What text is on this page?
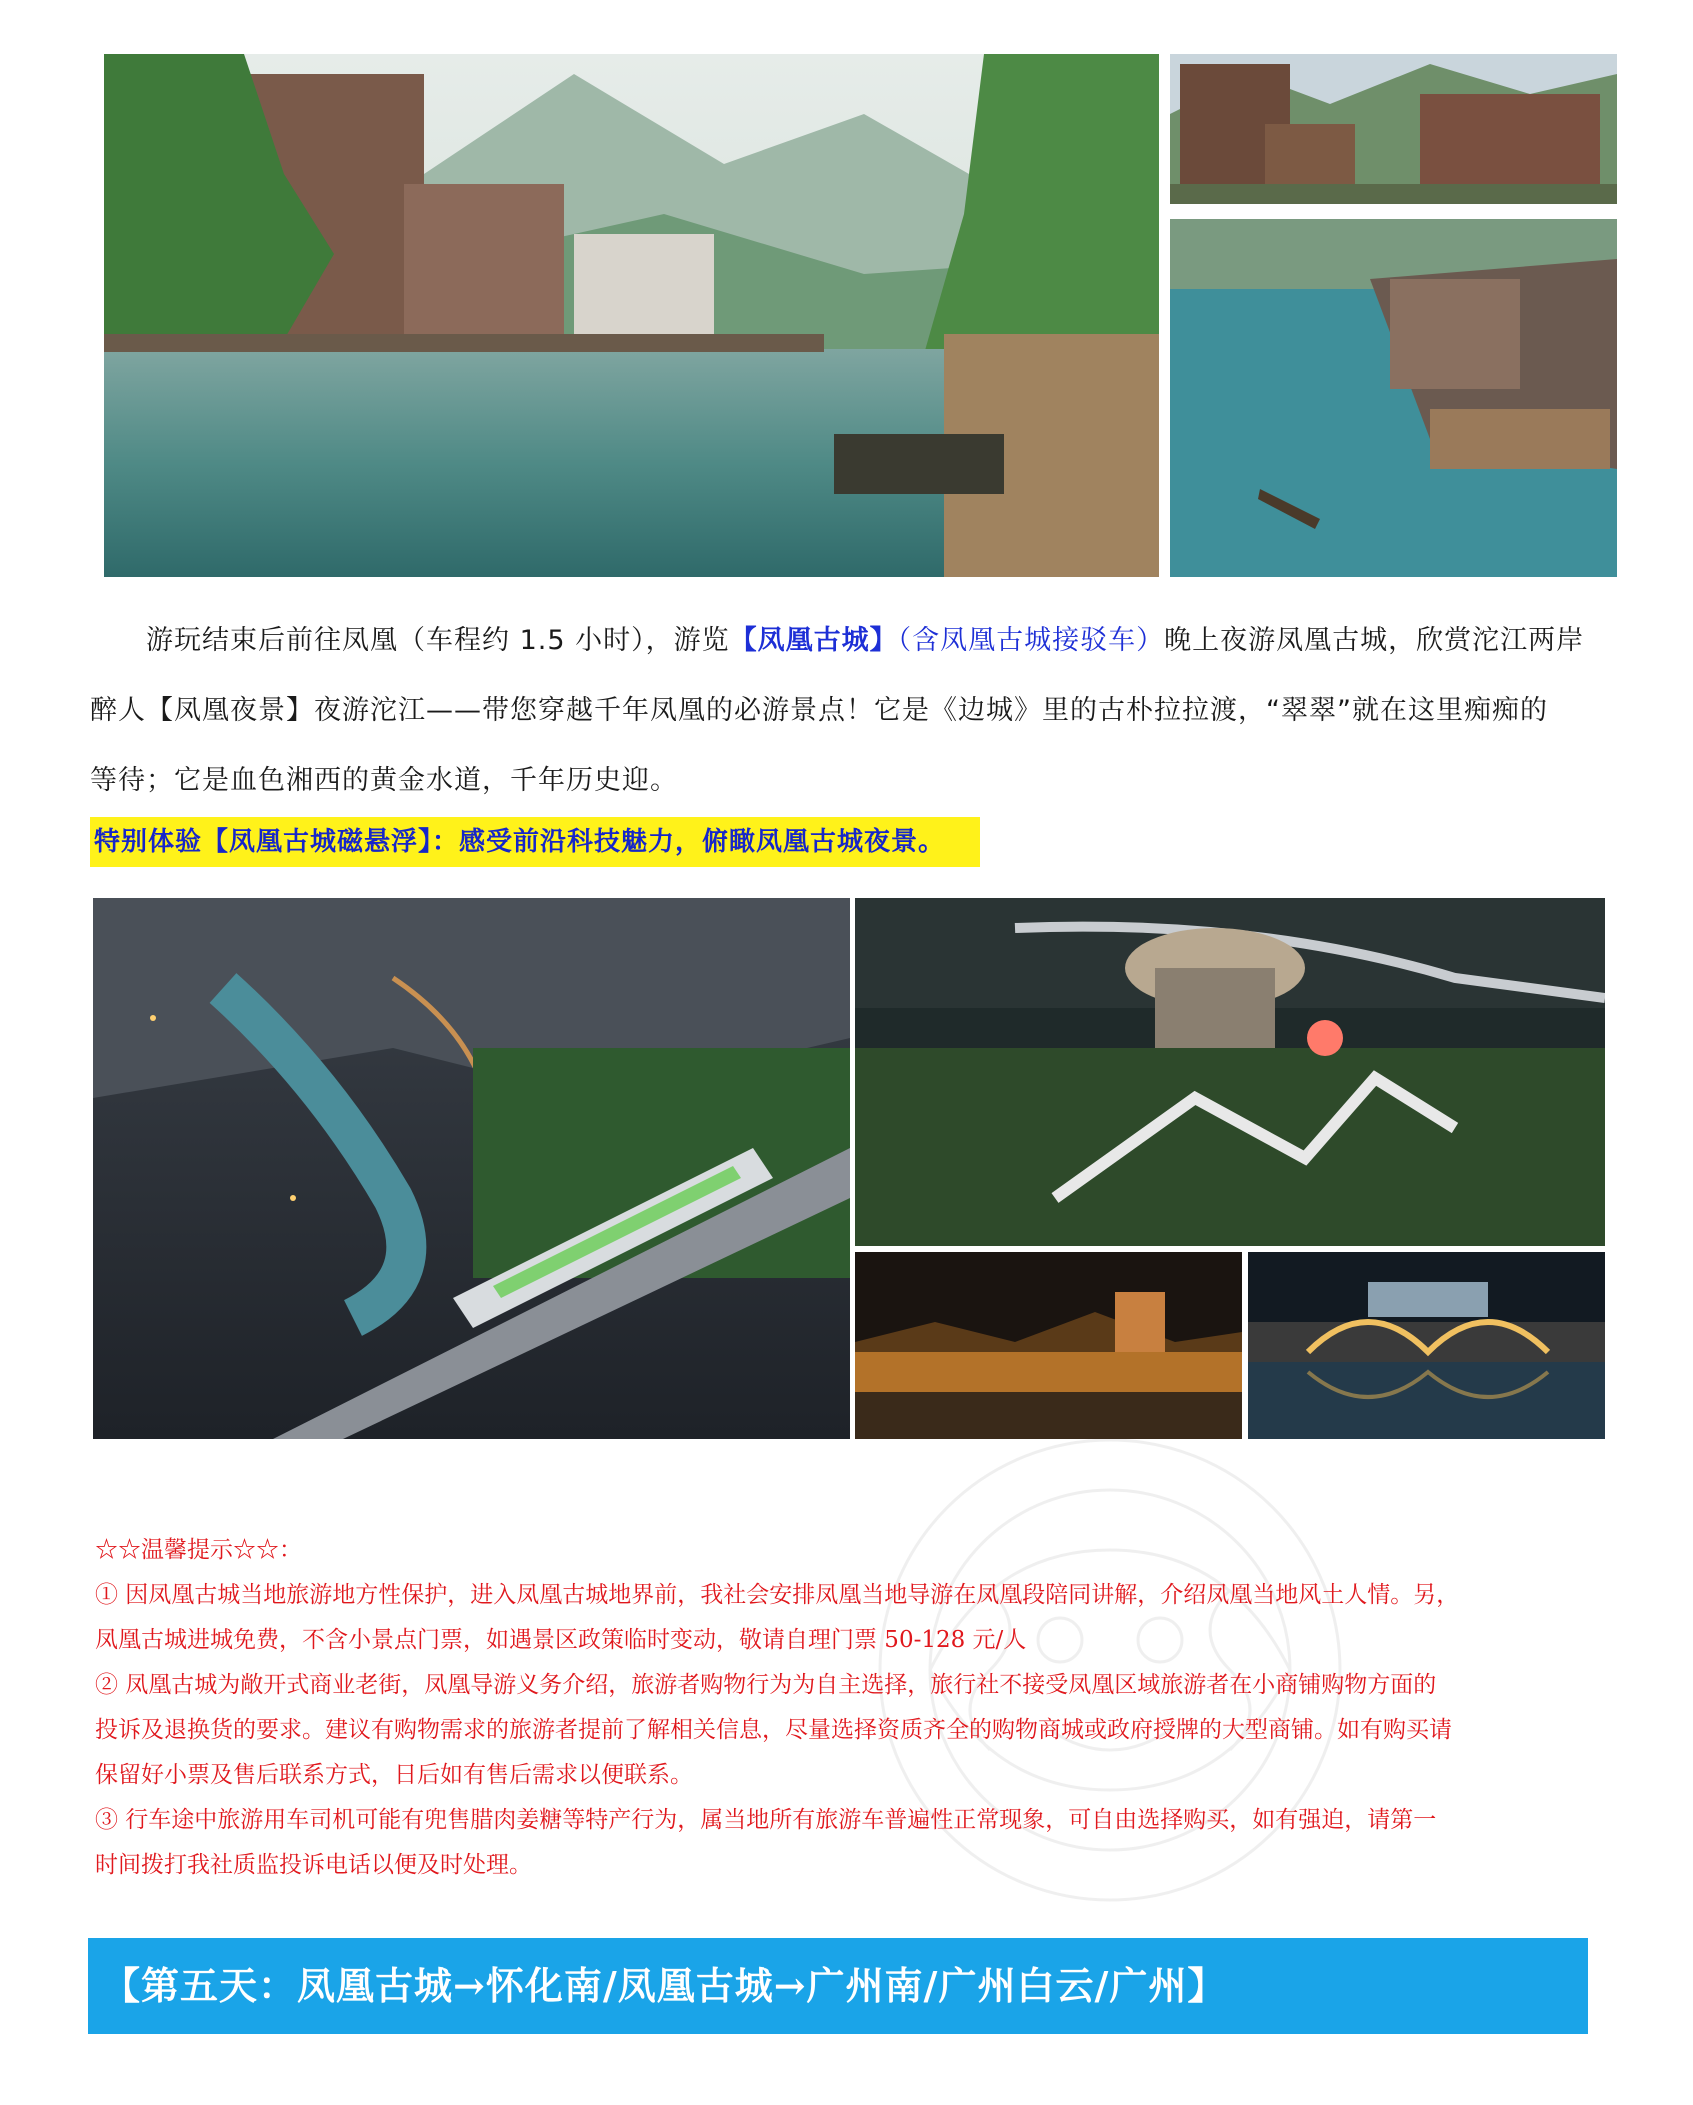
游玩结束后前往凤凰（车程约 1.5 小时），游览【凤凰古城】（含凤凰古城接驳车）晚上夜游凤凰古城，欣赏沱江两岸
醉人【凤凰夜景】夜游沱江——带您穿越千年凤凰的必游景点！它是《边城》里的古朴拉拉渡，“翠翠”就在这里痴痴的
等待；它是血色湘西的黄金水道，千年历史迎。
特别体验【凤凰古城磁悬浮】：感受前沿科技魅力，俯瞰凤凰古城夜景。

☆☆温馨提示☆☆：

① 因凤凰古城当地旅游地方性保护，进入凤凰古城地界前，我社会安排凤凰当地导游在凤凰段陪同讲解，介绍凤凰当地风土人情。另，

凤凰古城进城免费，不含小景点门票，如遇景区政策临时变动，敬请自理门票 50-128 元/人

② 凤凰古城为敞开式商业老街，凤凰导游义务介绍，旅游者购物行为为自主选择，旅行社不接受凤凰区域旅游者在小商铺购物方面的

投诉及退换货的要求。建议有购物需求的旅游者提前了解相关信息，尽量选择资质齐全的购物商城或政府授牌的大型商铺。如有购买请

保留好小票及售后联系方式，日后如有售后需求以便联系。

③ 行车途中旅游用车司机可能有兜售腊肉姜糖等特产行为，属当地所有旅游车普遍性正常现象，可自由选择购买，如有强迫，请第一

时间拨打我社质监投诉电话以便及时处理。

【第五天：凤凰古城→怀化南/凤凰古城→广州南/广州白云/广州】
